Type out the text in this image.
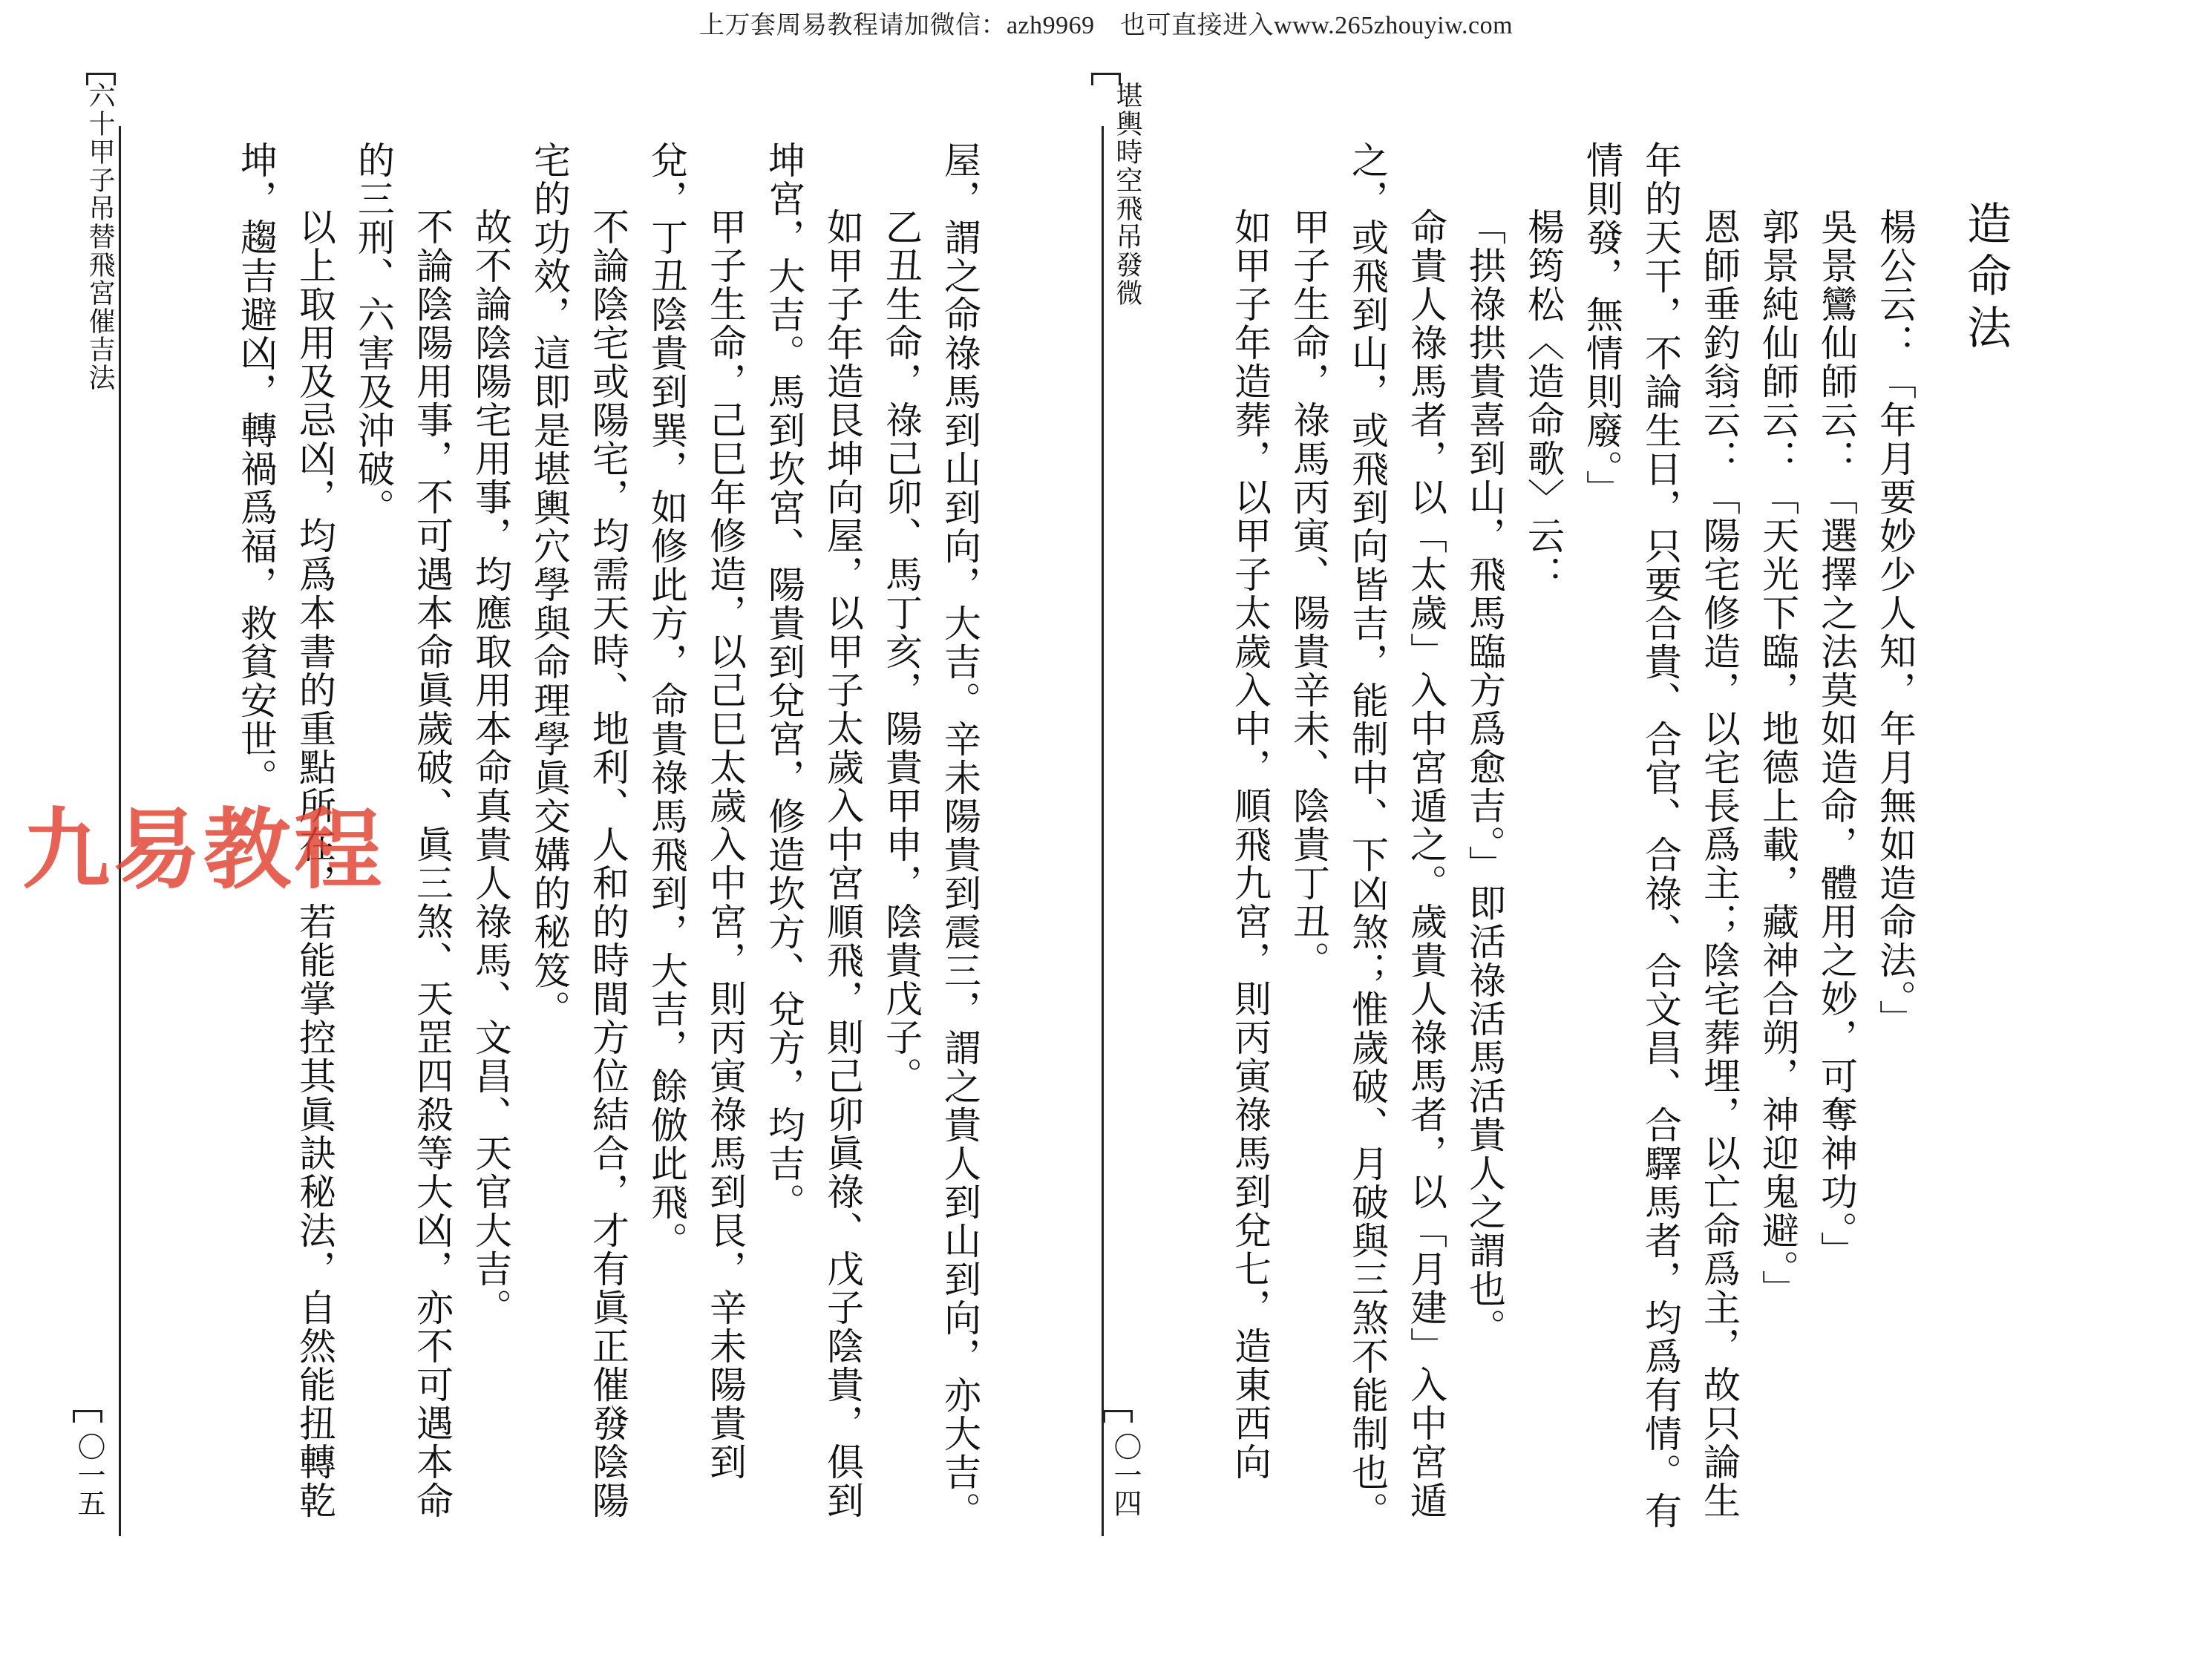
上万套周易教程请加微信：azh9969　也可直接进入www.265zhouyiw.com
堪輿時空飛吊發微
〇一四
造命法
楊公云：「年月要妙少人知，年月無如造命法。」
吳景鸞仙師云：「選擇之法莫如造命，體用之妙，可奪神功。」
郭景純仙師云：「天光下臨，地德上載，藏神合朔，神迎鬼避。」
恩師垂釣翁云：「陽宅修造，以宅長爲主；陰宅葬埋，以亡命爲主，故只論生
年的天干，不論生日，只要合貴、合官、合祿、合文昌、合驛馬者，均爲有情。有
情則發，無情則廢。」
楊筠松〈造命歌〉云：
「拱祿拱貴喜到山，飛馬臨方爲愈吉。」即活祿活馬活貴人之謂也。
命貴人祿馬者，以「太歲」入中宮遁之。歲貴人祿馬者，以「月建」入中宮遁
之，或飛到山，或飛到向皆吉，能制中、下凶煞；惟歲破、月破與三煞不能制也。
甲子生命，祿馬丙寅、陽貴辛未、陰貴丁丑。
如甲子年造葬，以甲子太歲入中，順飛九宮，則丙寅祿馬到兌七，造東西向
六十甲子吊替飛宮催吉法
〇一五	屋，謂之命祿馬到山到向，大吉。辛未陽貴到震三，謂之貴人到山到向，亦大吉。
乙丑生命，祿己卯、馬丁亥，陽貴甲申，陰貴戊子。
如甲子年造艮坤向屋，以甲子太歲入中宮順飛，則己卯眞祿、戊子陰貴，俱到
坤宮，大吉。馬到坎宮、陽貴到兌宮，修造坎方、兌方，均吉。
甲子生命，己巳年修造，以己巳太歲入中宮，則丙寅祿馬到艮，辛未陽貴到
兌，丁丑陰貴到巽，如修此方，命貴祿馬飛到，大吉，餘倣此飛。
不論陰宅或陽宅，均需天時、地利、人和的時間方位結合，才有眞正催發陰陽
宅的功效，這即是堪輿穴學與命理學眞交媾的秘笈。
故不論陰陽宅用事，均應取用本命真貴人祿馬、文昌、天官大吉。
不論陰陽用事，不可遇本命眞歲破、眞三煞、天罡四殺等大凶，亦不可遇本命
的三刑、六害及沖破。
以上取用及忌凶，均爲本書的重點所在，若能掌控其眞訣秘法，自然能扭轉乾
坤，趨吉避凶，轉禍爲福，救貧安世。
九易教程
